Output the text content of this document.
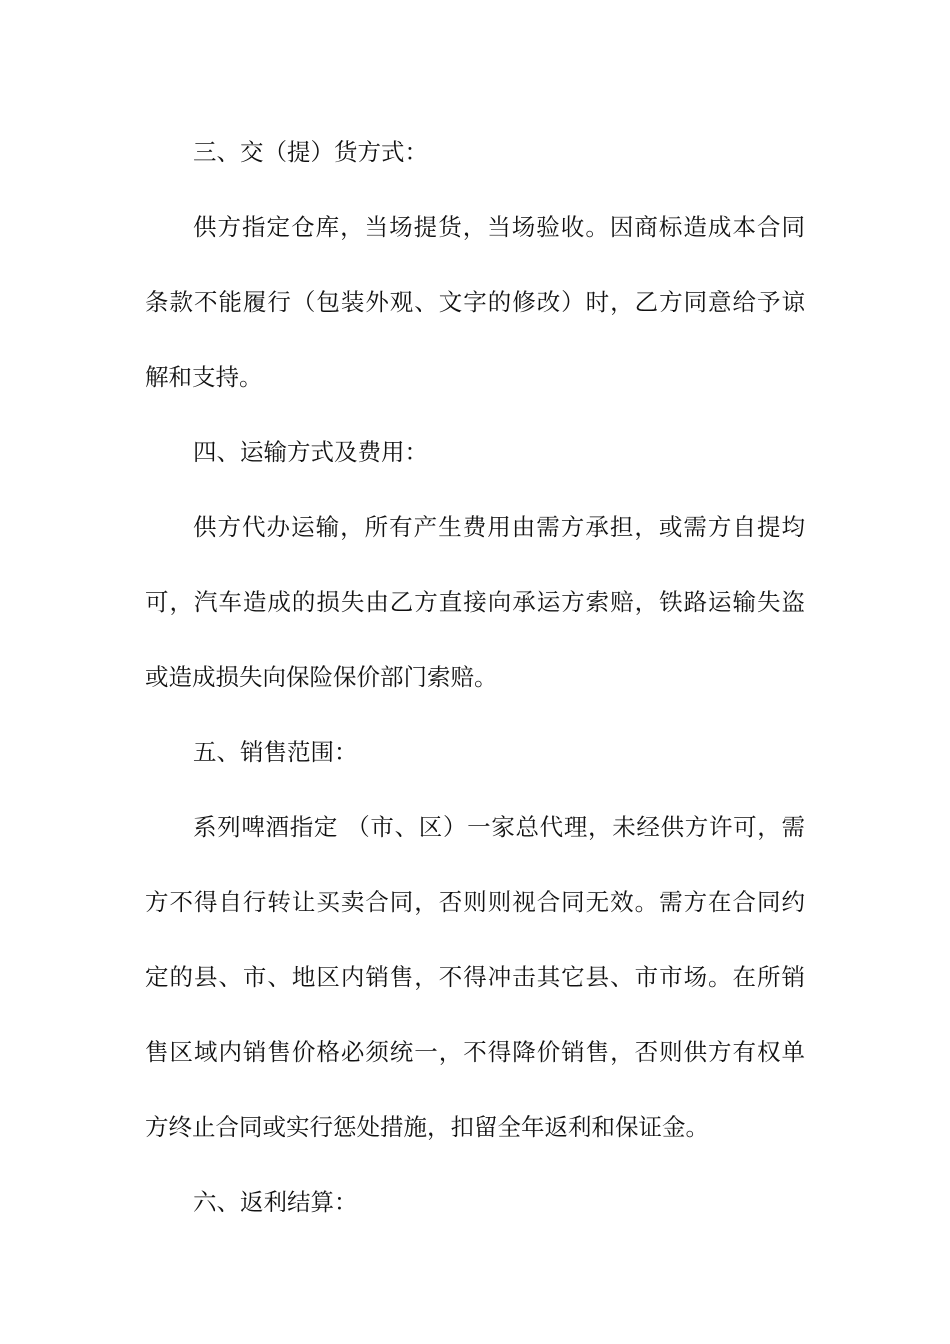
三、交（提）货方式：

供方指定仓库，当场提货，当场验收。因商标造成本合同

条款不能履行（包装外观、文字的修改）时，乙方同意给予谅

解和支持。

四、运输方式及费用：

供方代办运输，所有产生费用由需方承担，或需方自提均

可，汽车造成的损失由乙方直接向承运方索赔，铁路运输失盗

或造成损失向保险保价部门索赔。

五、销售范围：

系列啤酒指定 （市、区）一家总代理，未经供方许可，需

方不得自行转让买卖合同，否则则视合同无效。需方在合同约

定的县、市、地区内销售，不得冲击其它县、市市场。在所销

售区域内销售价格必须统一，不得降价销售，否则供方有权单

方终止合同或实行惩处措施，扣留全年返利和保证金。

六、返利结算：
